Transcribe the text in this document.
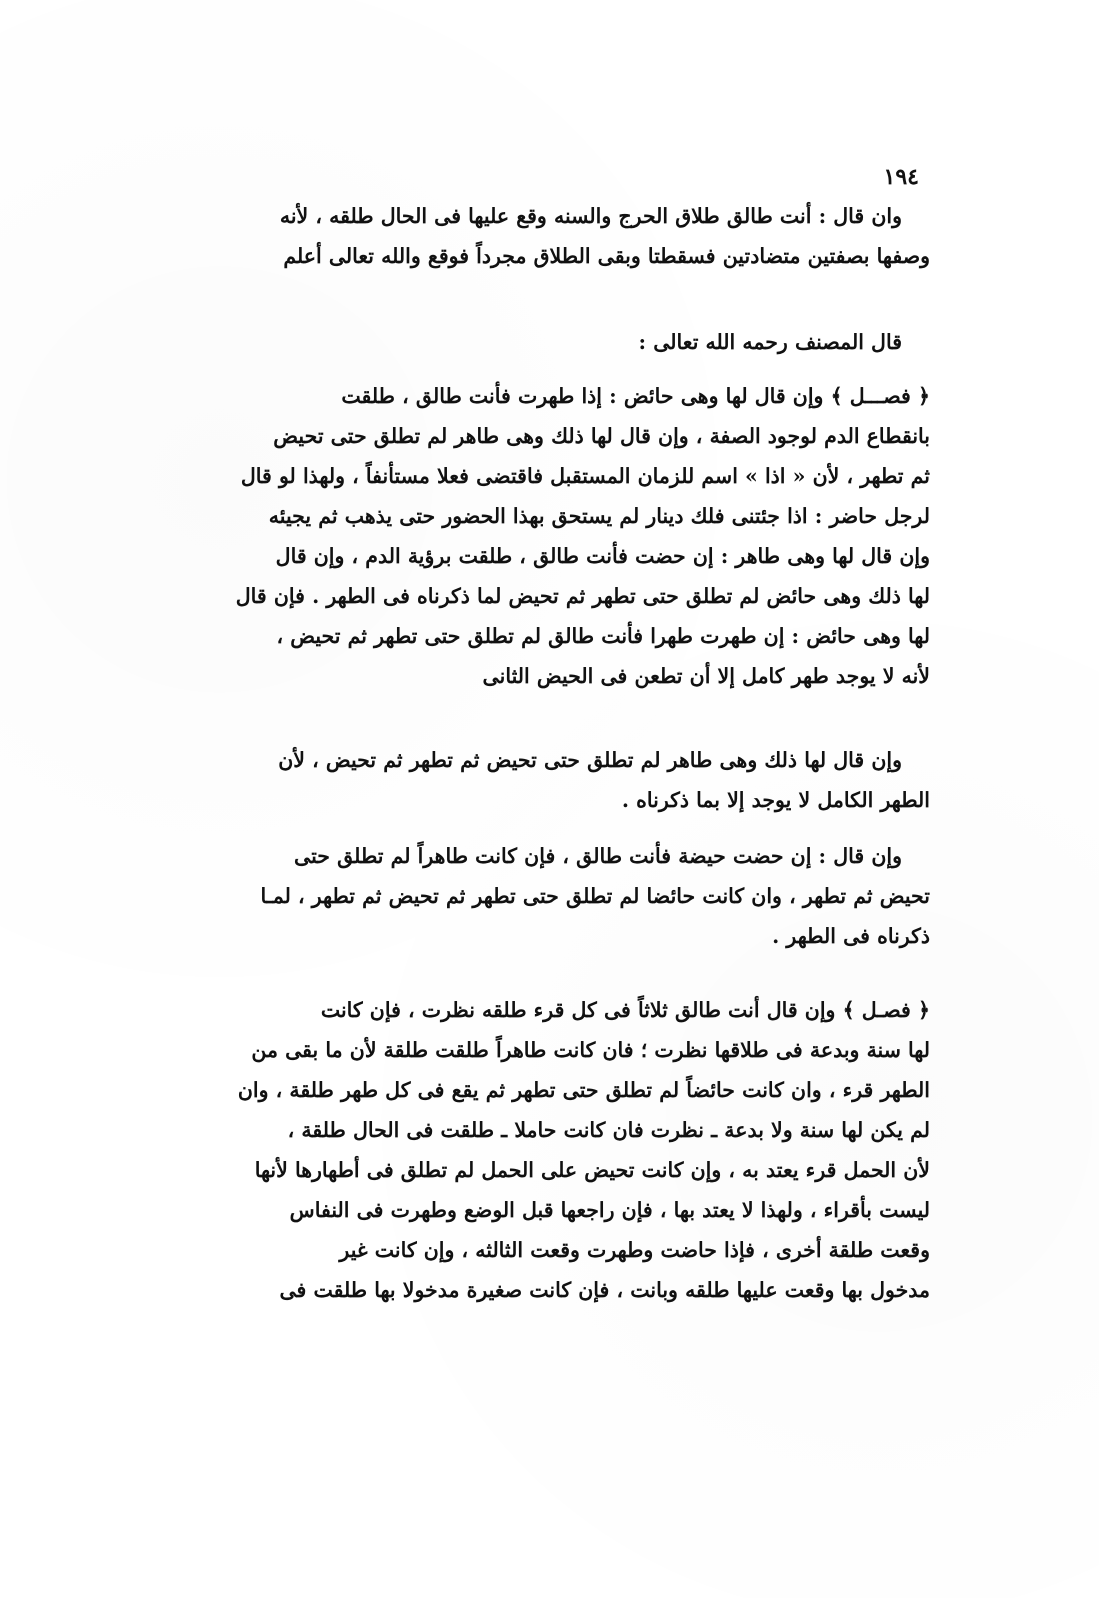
١٩٤
وان قال : أنت طالق طلاق الحرج والسنه وقع عليها فى الحال طلقه ، لأنه
وصفها بصفتين متضادتين فسقطتا وبقى الطلاق مجرداً فوقع والله تعالى أعلم
قال المصنف رحمه الله تعالى :
﴿ فصـــل ﴾ وإن قال لها وهى حائض : إذا طهرت فأنت طالق ، طلقت
بانقطاع الدم لوجود الصفة ، وإن قال لها ذلك وهى طاهر لم تطلق حتى تحيض
ثم تطهر ، لأن « اذا » اسم للزمان المستقبل فاقتضى فعلا مستأنفاً ، ولهذا لو قال
لرجل حاضر : اذا جئتنى فلك دينار لم يستحق بهذا الحضور حتى يذهب ثم يجيئه
وإن قال لها وهى طاهر : إن حضت فأنت طالق ، طلقت برؤية الدم ، وإن قال
لها ذلك وهى حائض لم تطلق حتى تطهر ثم تحيض لما ذكرناه فى الطهر . فإن قال
لها وهى حائض : إن طهرت طهرا فأنت طالق لم تطلق حتى تطهر ثم تحيض ،
لأنه لا يوجد طهر كامل إلا أن تطعن فى الحيض الثانى
وإن قال لها ذلك وهى طاهر لم تطلق حتى تحيض ثم تطهر ثم تحيض ، لأن
الطهر الكامل لا يوجد إلا بما ذكرناه .
وإن قال : إن حضت حيضة فأنت طالق ، فإن كانت طاهراً لم تطلق حتى
تحيض ثم تطهر ، وان كانت حائضا لم تطلق حتى تطهر ثم تحيض ثم تطهر ، لمـا
ذكرناه فى الطهر .
﴿ فصـل ﴾ وإن قال أنت طالق ثلاثاً فى كل قرء طلقه نظرت ، فإن كانت
لها سنة وبدعة فى طلاقها نظرت ؛ فان كانت طاهراً طلقت طلقة لأن ما بقى من
الطهر قرء ، وان كانت حائضاً لم تطلق حتى تطهر ثم يقع فى كل طهر طلقة ، وان
لم يكن لها سنة ولا بدعة ـ نظرت فان كانت حاملا ـ طلقت فى الحال طلقة ،
لأن الحمل قرء يعتد به ، وإن كانت تحيض على الحمل لم تطلق فى أطهارها لأنها
ليست بأقراء ، ولهذا لا يعتد بها ، فإن راجعها قبل الوضع وطهرت فى النفاس
وقعت طلقة أخرى ، فإذا حاضت وطهرت وقعت الثالثه ، وإن كانت غير
مدخول بها وقعت عليها طلقه وبانت ، فإن كانت صغيرة مدخولا بها طلقت فى
